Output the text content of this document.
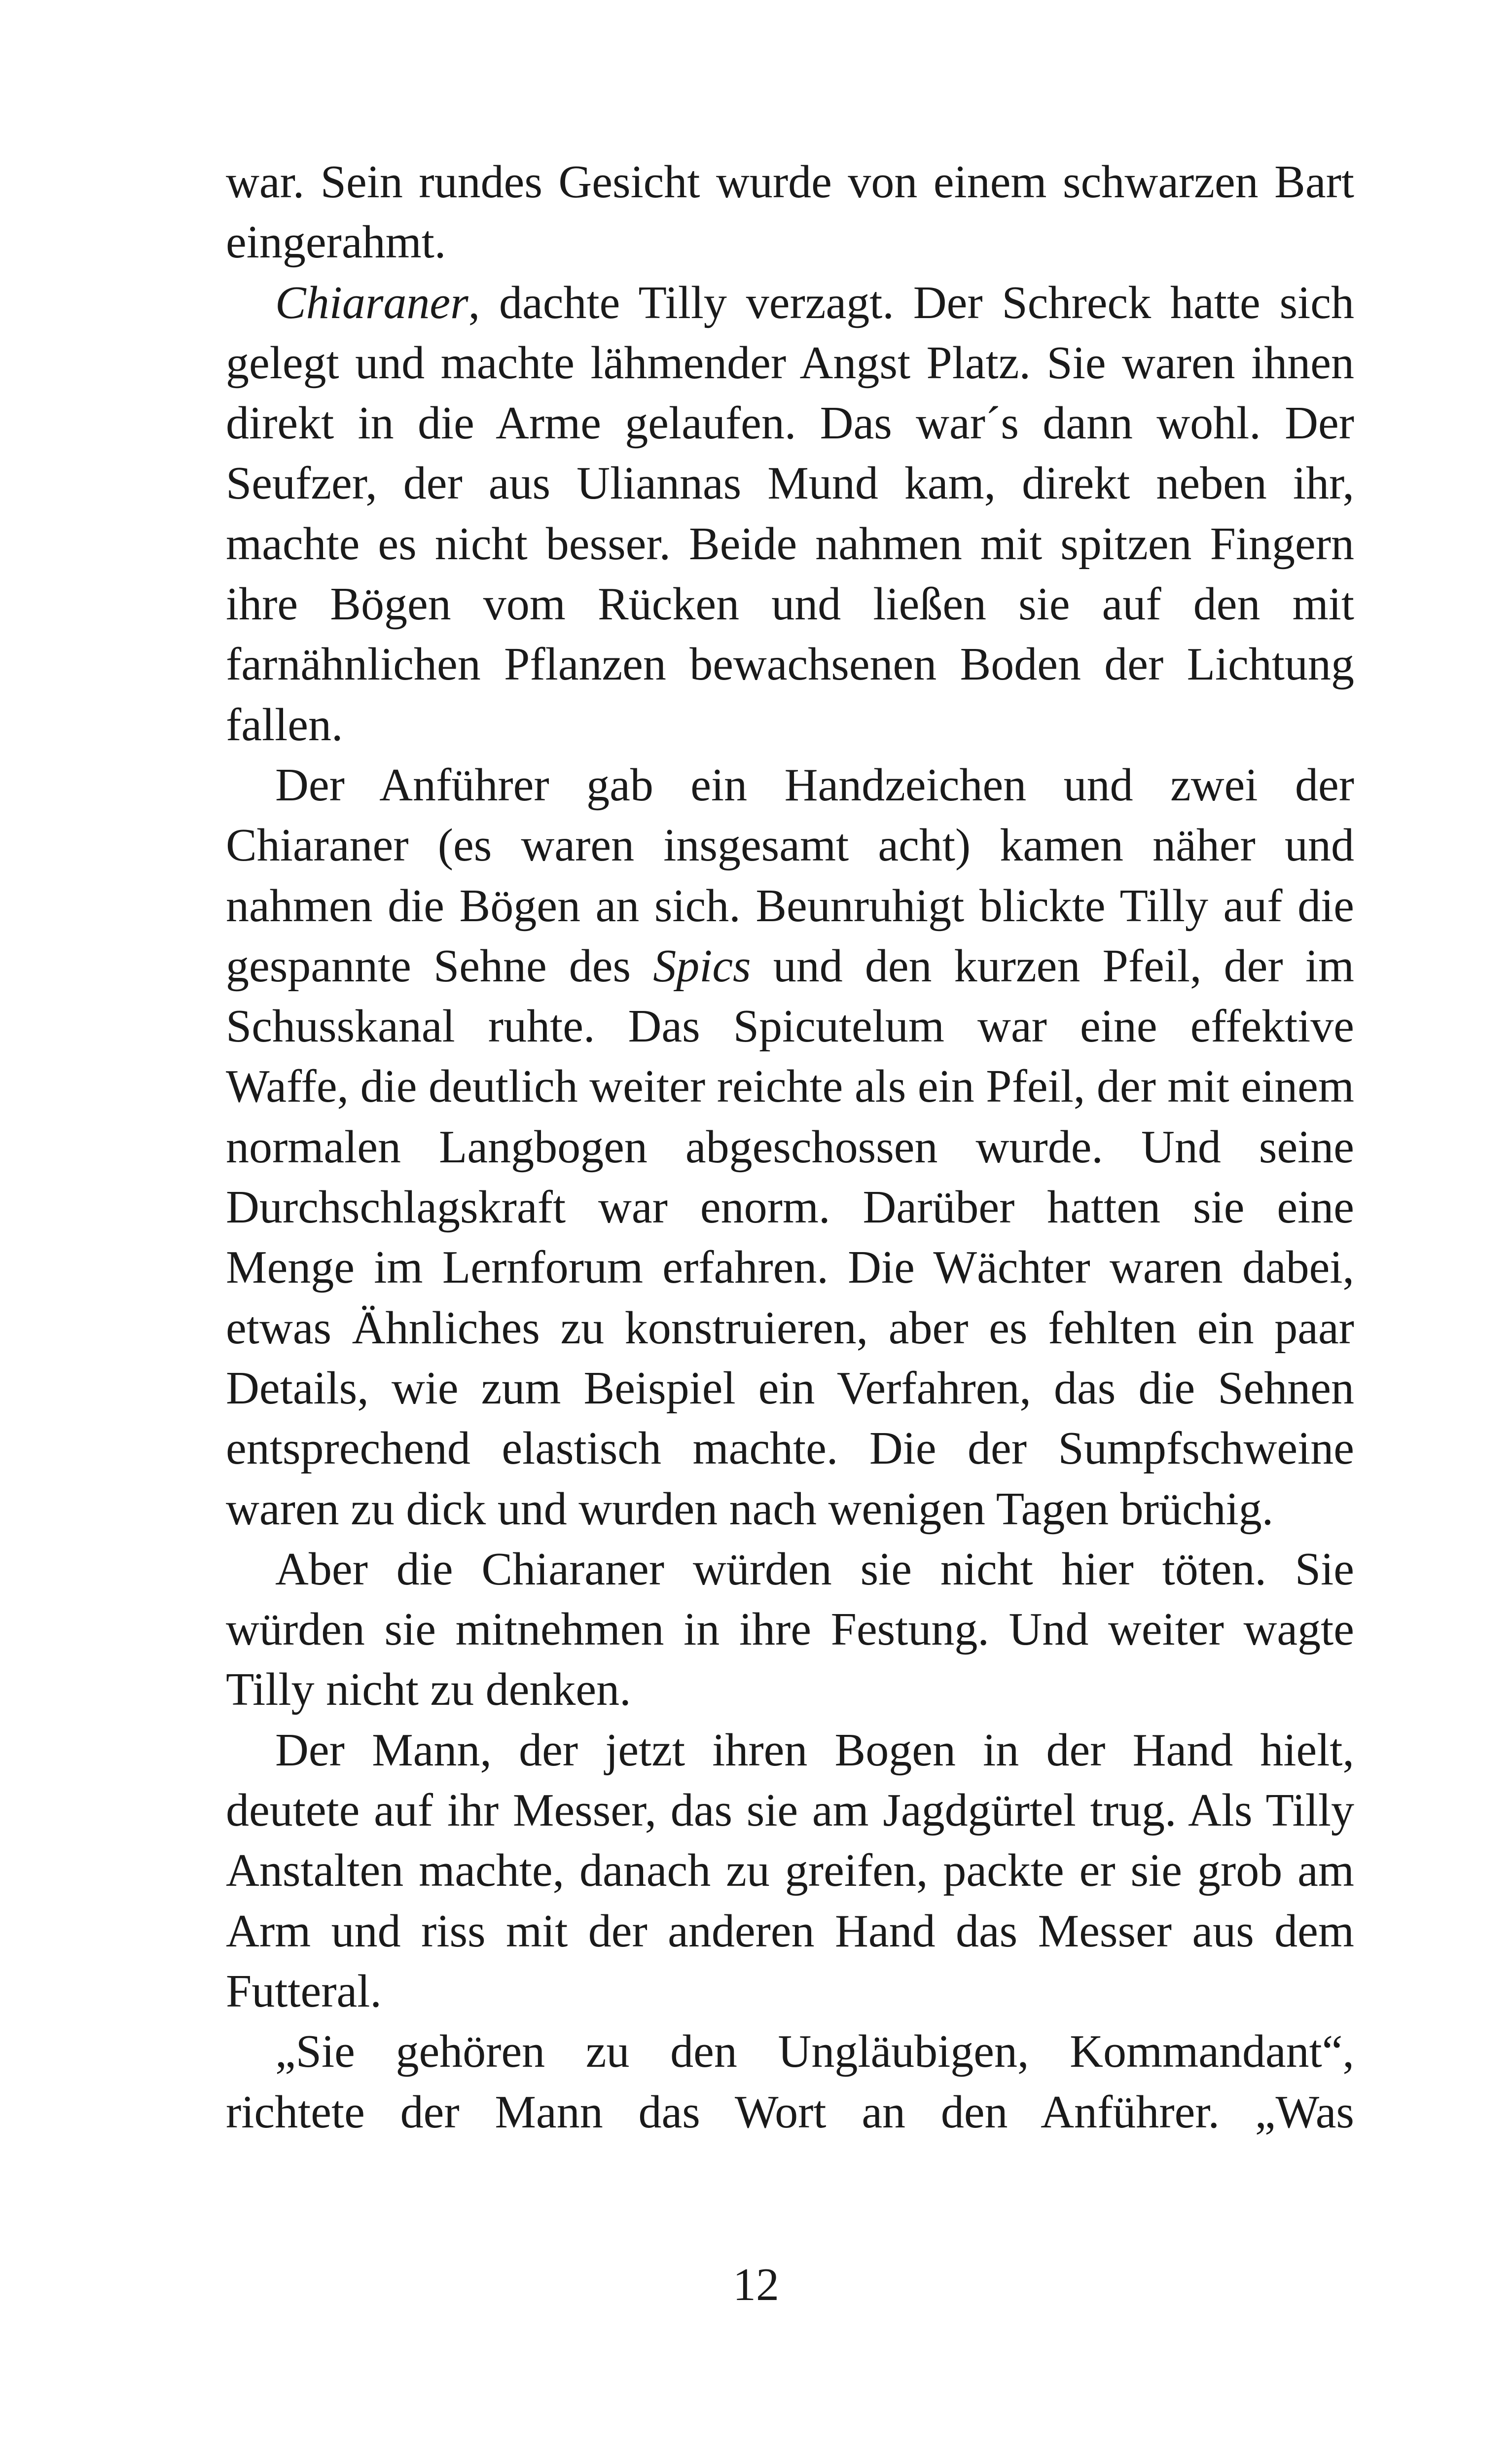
war. Sein rundes Gesicht wurde von einem schwarzen Bart eingerahmt.

Chiaraner, dachte Tilly verzagt. Der Schreck hatte sich gelegt und machte lähmender Angst Platz. Sie waren ihnen direkt in die Arme gelaufen. Das war´s dann wohl. Der Seufzer, der aus Uliannas Mund kam, direkt neben ihr, machte es nicht besser. Beide nahmen mit spitzen Fingern ihre Bögen vom Rücken und ließen sie auf den mit farnähnlichen Pflanzen bewachsenen Boden der Lichtung fallen.

Der Anführer gab ein Handzeichen und zwei der Chiaraner (es waren insgesamt acht) kamen näher und nahmen die Bögen an sich. Beunruhigt blickte Tilly auf die gespannte Sehne des Spics und den kurzen Pfeil, der im Schusskanal ruhte. Das Spicutelum war eine effektive Waffe, die deutlich weiter reichte als ein Pfeil, der mit einem normalen Langbogen abgeschossen wurde. Und seine Durchschlagskraft war enorm. Darüber hatten sie eine Menge im Lernforum erfahren. Die Wächter waren dabei, etwas Ähnliches zu konstruieren, aber es fehlten ein paar Details, wie zum Beispiel ein Verfahren, das die Sehnen entsprechend elastisch machte. Die der Sumpfschweine waren zu dick und wurden nach wenigen Tagen brüchig.

Aber die Chiaraner würden sie nicht hier töten. Sie würden sie mitnehmen in ihre Festung. Und weiter wagte Tilly nicht zu denken.

Der Mann, der jetzt ihren Bogen in der Hand hielt, deutete auf ihr Messer, das sie am Jagdgürtel trug. Als Tilly Anstalten machte, danach zu greifen, packte er sie grob am Arm und riss mit der anderen Hand das Messer aus dem Futteral.

„Sie gehören zu den Ungläubigen, Kommandant“, richtete der Mann das Wort an den Anführer. „Was

12
